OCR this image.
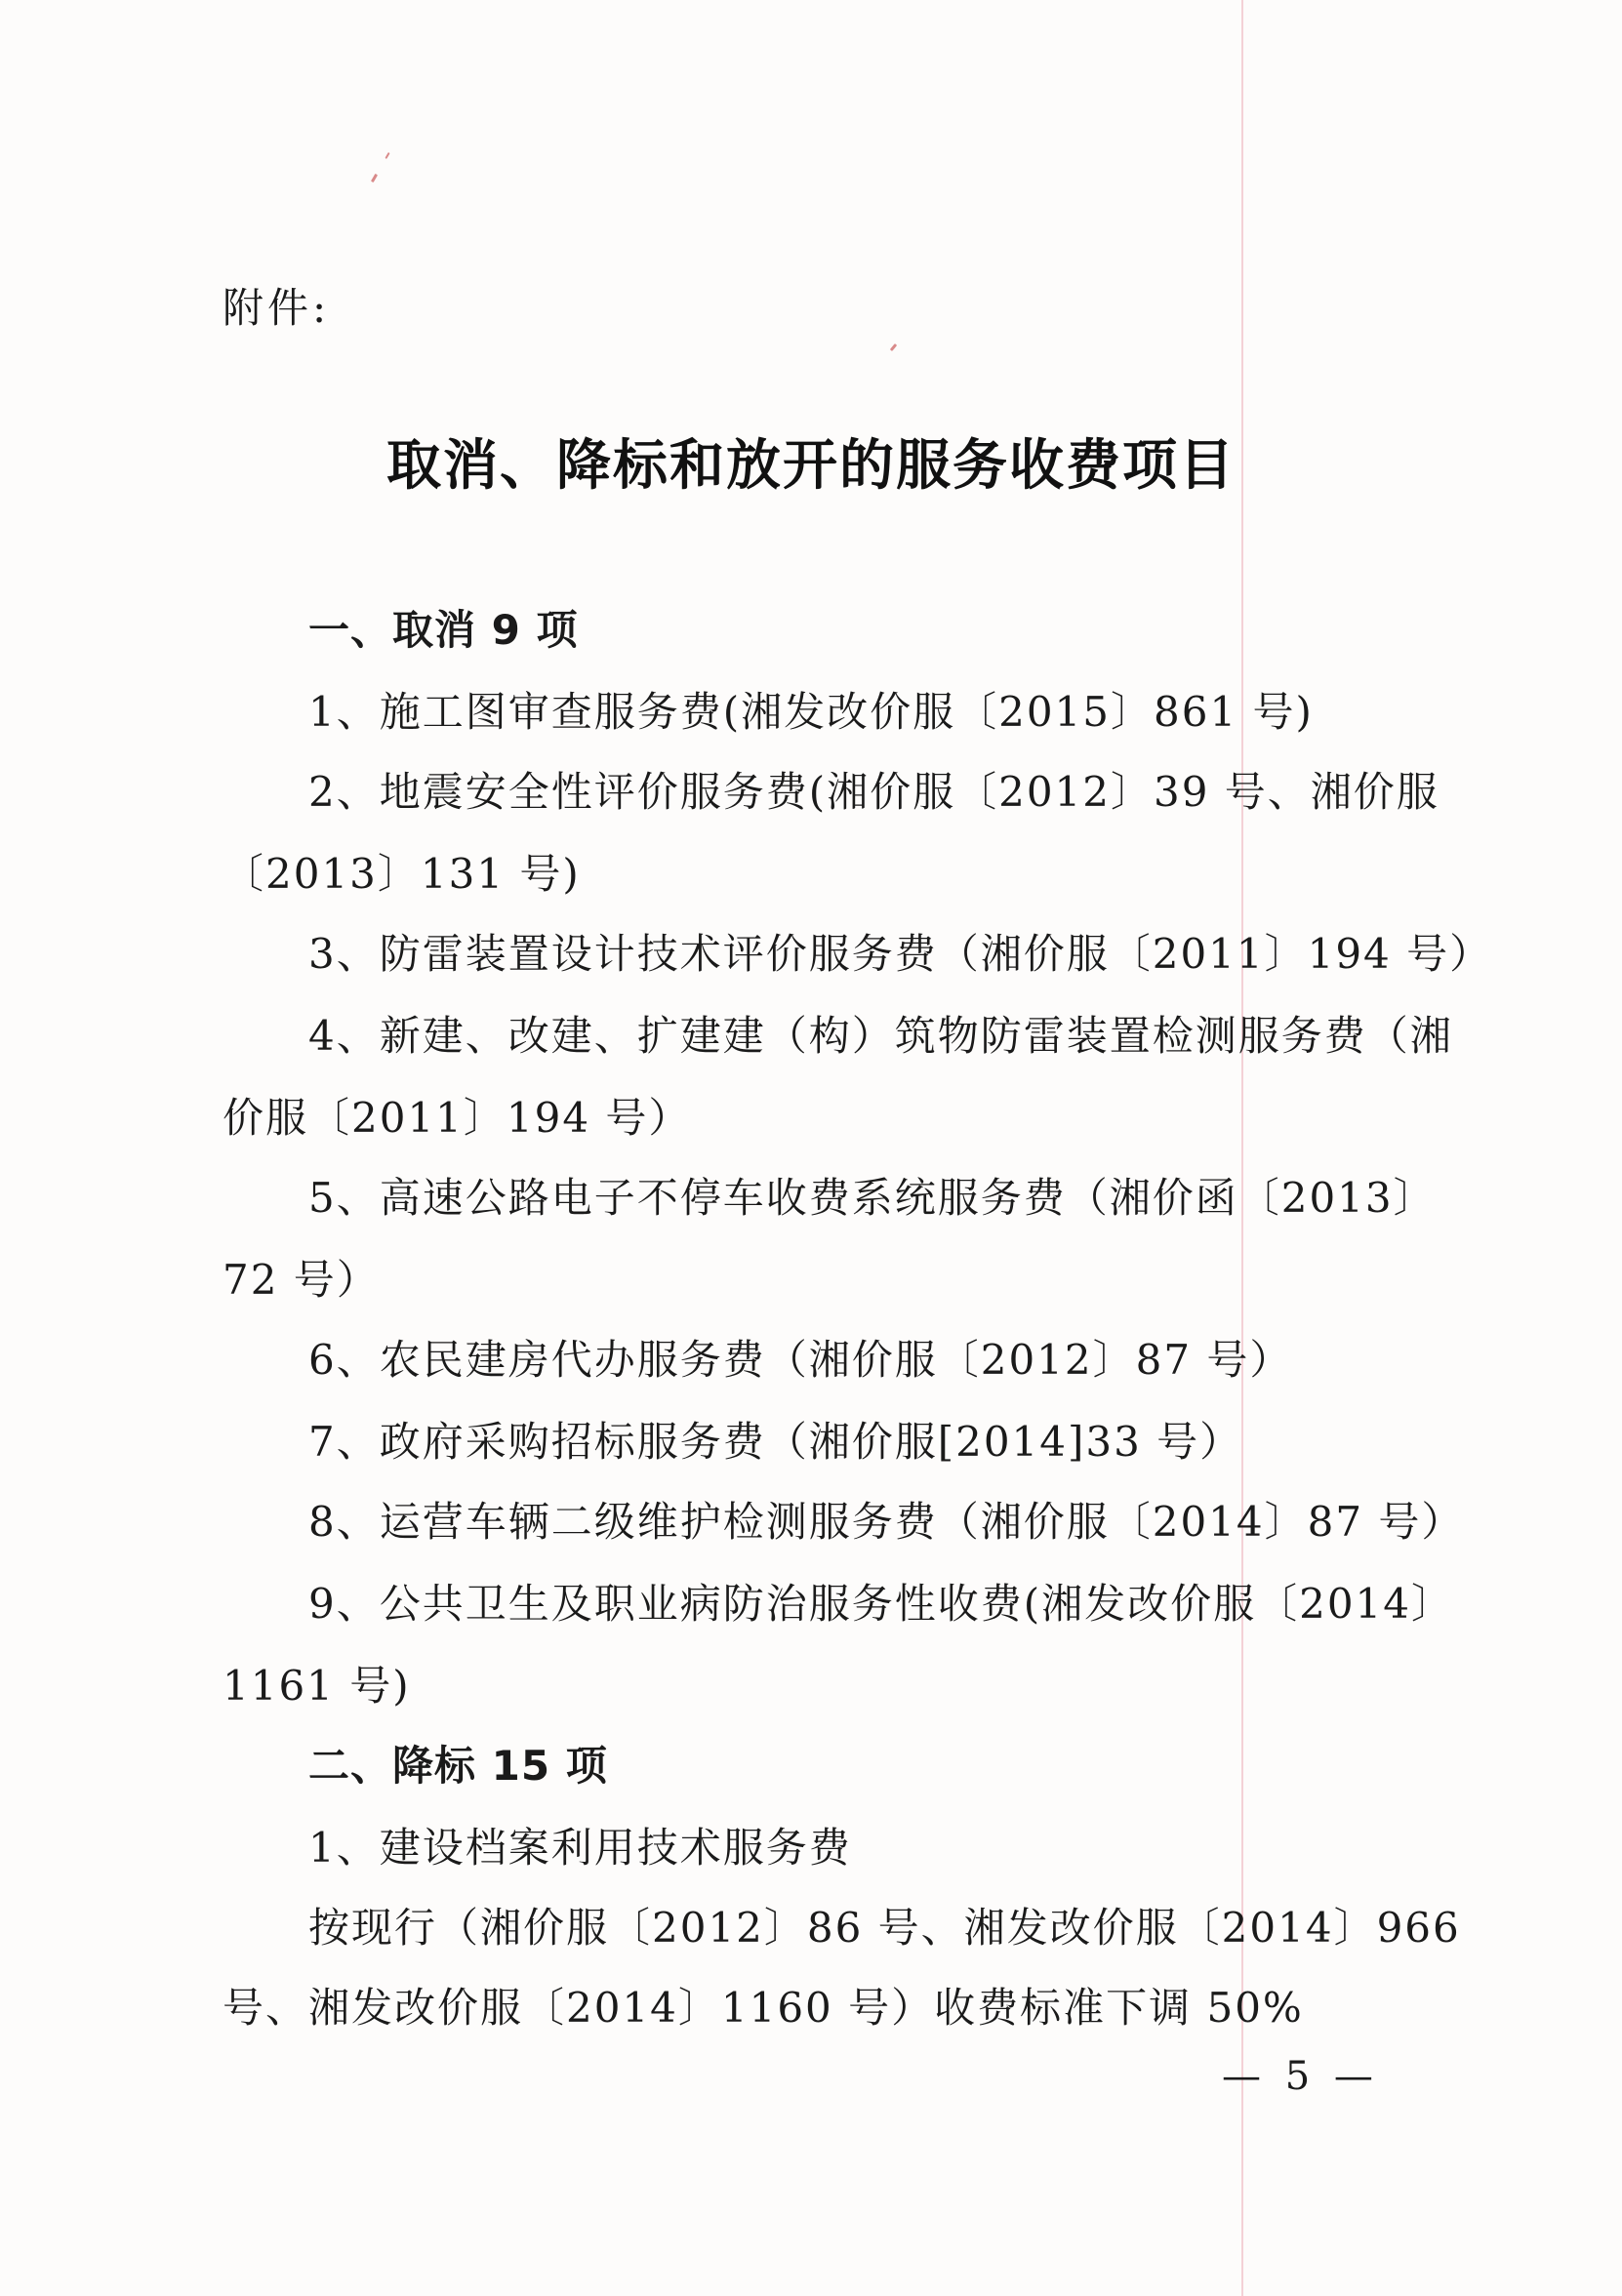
附件:
取消、降标和放开的服务收费项目
一、取消 9 项
1、施工图审查服务费(湘发改价服〔2015〕861 号)
2、地震安全性评价服务费(湘价服〔2012〕39 号、湘价服
〔2013〕131 号)
3、防雷装置设计技术评价服务费（湘价服〔2011〕194 号）
4、新建、改建、扩建建（构）筑物防雷装置检测服务费（湘
价服〔2011〕194 号）
5、高速公路电子不停车收费系统服务费（湘价函〔2013〕
72 号）
6、农民建房代办服务费（湘价服〔2012〕87 号）
7、政府采购招标服务费（湘价服[2014]33 号）
8、运营车辆二级维护检测服务费（湘价服〔2014〕87 号）
9、公共卫生及职业病防治服务性收费(湘发改价服〔2014〕
1161 号)
二、降标 15 项
1、建设档案利用技术服务费
按现行（湘价服〔2012〕86 号、湘发改价服〔2014〕966
号、湘发改价服〔2014〕1160 号）收费标准下调 50%
— 5 —
